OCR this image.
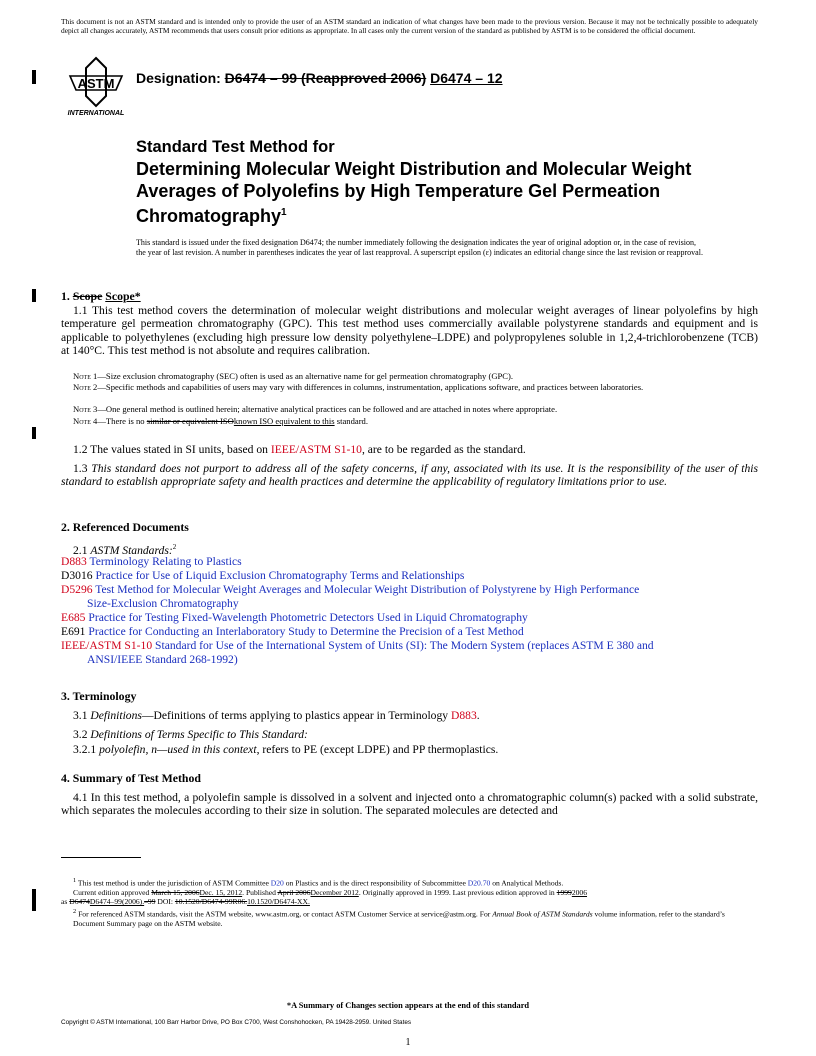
This document is not an ASTM standard and is intended only to provide the user of an ASTM standard an indication of what changes have been made to the previous version. Because it may not be technically possible to adequately depict all changes accurately, ASTM recommends that users consult prior editions as appropriate. In all cases only the current version of the standard as published by ASTM is to be considered the official document.
ASTM
INTERNATIONAL
Designation: D6474 – 99 (Reapproved 2006) D6474 – 12
Standard Test Method for
Determining Molecular Weight Distribution and Molecular Weight Averages of Polyolefins by High Temperature Gel Permeation Chromatography$^1$
This standard is issued under the fixed designation D6474; the number immediately following the designation indicates the year of original adoption or, in the case of revision, the year of last revision. A number in parentheses indicates the year of last reapproval. A superscript epsilon (ε) indicates an editorial change since the last revision or reapproval.
1. Scope Scope*

1.1 This test method covers the determination of molecular weight distributions and molecular weight averages of linear polyolefins by high temperature gel permeation chromatography (GPC). This test method uses commercially available polystyrene standards and equipment and is applicable to polyethylenes (excluding high pressure low density polyethylene–LDPE) and polypropylenes soluble in 1,2,4-trichlorobenzene (TCB) at 140°C. This test method is not absolute and requires calibration.

Note 1—Size exclusion chromatography (SEC) often is used as an alternative name for gel permeation chromatography (GPC).
Note 2—Specific methods and capabilities of users may vary with differences in columns, instrumentation, applications software, and practices between laboratories.
Note 3—One general method is outlined herein; alternative analytical practices can be followed and are attached in notes where appropriate.
Note 4—There is no similar or equivalent ISOknown ISO equivalent to this standard.

1.2 The values stated in SI units, based on IEEE/ASTM S1-10, are to be regarded as the standard.

1.3 This standard does not purport to address all of the safety concerns, if any, associated with its use. It is the responsibility of the user of this standard to establish appropriate safety and health practices and determine the applicability of regulatory limitations prior to use.

2. Referenced Documents
2.1 ASTM Standards:$^2$
D883 Terminology Relating to Plastics
D3016 Practice for Use of Liquid Exclusion Chromatography Terms and Relationships
D5296 Test Method for Molecular Weight Averages and Molecular Weight Distribution of Polystyrene by High Performance
Size-Exclusion Chromatography
E685 Practice for Testing Fixed-Wavelength Photometric Detectors Used in Liquid Chromatography
E691 Practice for Conducting an Interlaboratory Study to Determine the Precision of a Test Method
IEEE/ASTM S1-10 Standard for Use of the International System of Units (SI): The Modern System (replaces ASTM E 380 and
ANSI/IEEE Standard 268-1992)
3. Terminology

3.1 Definitions—Definitions of terms applying to plastics appear in Terminology D883.

3.2 Definitions of Terms Specific to This Standard:

3.2.1 polyolefin, n—used in this context, refers to PE (except LDPE) and PP thermoplastics.

4. Summary of Test Method

4.1 In this test method, a polyolefin sample is dissolved in a solvent and injected onto a chromatographic column(s) packed with a solid substrate, which separates the molecules according to their size in solution. The separated molecules are detected and

$^1$ This test method is under the jurisdiction of ASTM Committee D20 on Plastics and is the direct responsibility of Subcommittee D20.70 on Analytical Methods.
Current edition approved March 15, 2006Dec. 15, 2012. Published April 2006December 2012. Originally approved in 1999. Last previous edition approved in 19992006
as D6474D6474–99(2006).–99 DOI: 10.1520/D6474-99R06.10.1520/D6474-XX.
$^2$ For referenced ASTM standards, visit the ASTM website, www.astm.org, or contact ASTM Customer Service at service@astm.org. For Annual Book of ASTM Standards volume information, refer to the standard’s Document Summary page on the ASTM website.
*A Summary of Changes section appears at the end of this standard
Copyright © ASTM International, 100 Barr Harbor Drive, PO Box C700, West Conshohocken, PA 19428-2959. United States
1
